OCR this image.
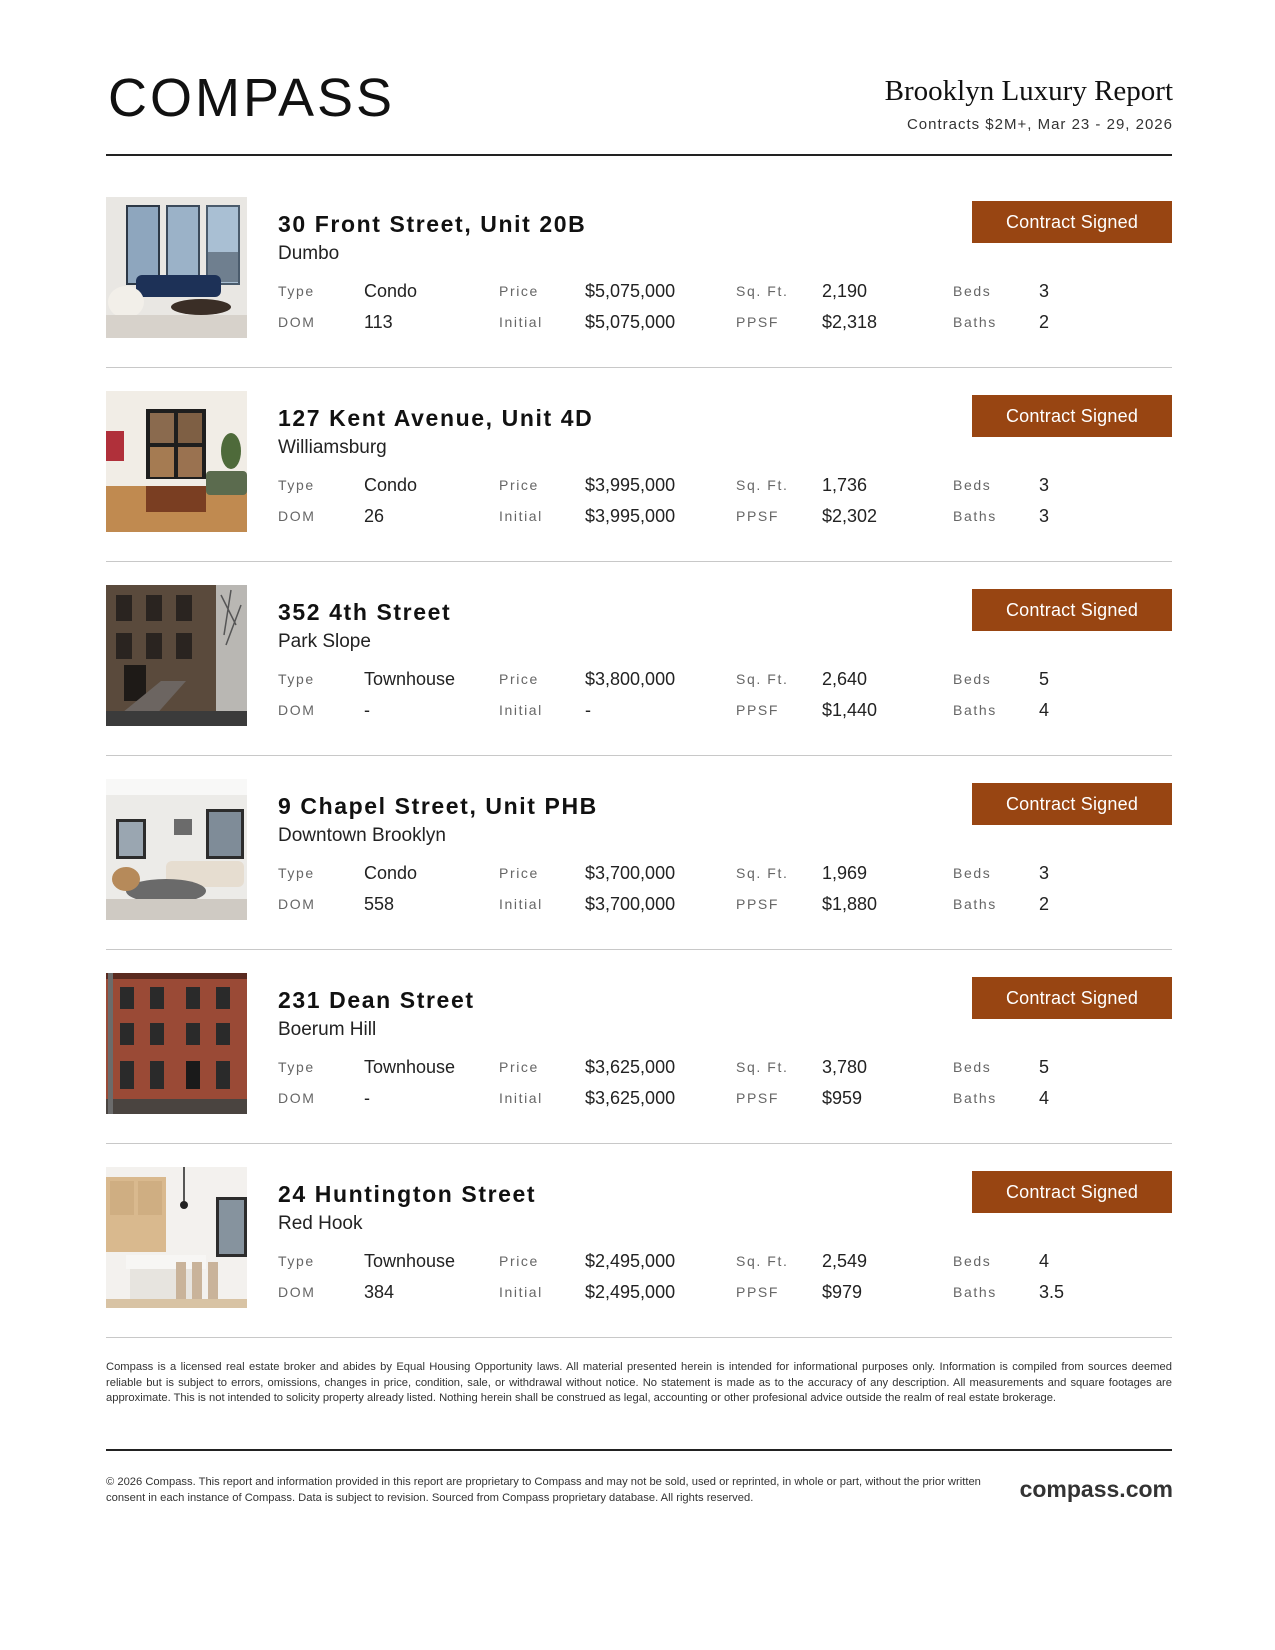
COMPASS	Brooklyn Luxury Report
Contracts $2M+, Mar 23 - 29, 2026
30 Front Street, Unit 20B
Dumbo
Contract Signed
Type	Condo	Price	$5,075,000	Sq. Ft. 2,190	Beds	3
DOM	113	Initial $5,075,000	PPSF $2,318	Baths 2
127 Kent Avenue, Unit 4D
Williamsburg
Contract Signed
Type	Condo	Price	$3,995,000	Sq. Ft. 1,736	Beds	3
DOM	26	Initial $3,995,000	PPSF $2,302	Baths 3
352 4th Street
Park Slope
Contract Signed
Type	Townhouse	Price	$3,800,000	Sq. Ft. 2,640	Beds	5
DOM	-	Initial -	PPSF $1,440	Baths 4
9 Chapel Street, Unit PHB
Downtown Brooklyn
Contract Signed
Type	Condo	Price	$3,700,000	Sq. Ft. 1,969	Beds	3
DOM	558	Initial $3,700,000	PPSF $1,880	Baths 2
231 Dean Street
Boerum Hill
Contract Signed
Type	Townhouse	Price	$3,625,000	Sq. Ft. 3,780	Beds	5
DOM	-	Initial $3,625,000	PPSF $959	Baths 4
24 Huntington Street
Red Hook
Contract Signed
Type	Townhouse	Price	$2,495,000	Sq. Ft. 2,549	Beds	4
DOM	384	Initial $2,495,000	PPSF $979	Baths 3.5
Compass is a licensed real estate broker and abides by Equal Housing Opportunity laws. All material presented herein is intended for informational purposes only. Information is compiled from sources deemed reliable but is subject to errors, omissions, changes in price, condition, sale, or withdrawal without notice. No statement is made as to the accuracy of any description. All measurements and square footages are approximate. This is not intended to solicity property already listed. Nothing herein shall be construed as legal, accounting or other profesional advice outside the realm of real estate brokerage.
© 2026 Compass. This report and information provided in this report are proprietary to Compass and may not be sold, used or reprinted, in whole or part, without the prior written consent in each instance of Compass. Data is subject to revision. Sourced from Compass proprietary database. All rights reserved.	compass.com
